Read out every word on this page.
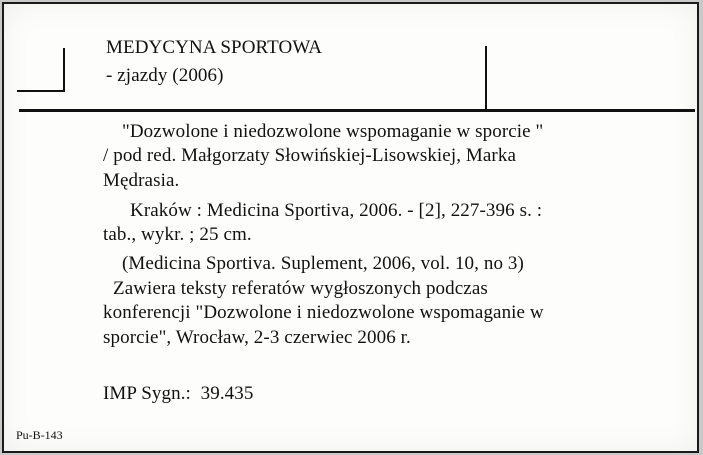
MEDYCYNA SPORTOWA
- zjazdy (2006)
"Dozwolone i niedozwolone wspomaganie w sporcie "
/ pod red. Małgorzaty Słowińskiej-Lisowskiej, Marka
Mędrasia.
Kraków : Medicina Sportiva, 2006. - [2], 227-396 s. :
tab., wykr. ; 25 cm.
(Medicina Sportiva. Suplement, 2006, vol. 10, no 3)
Zawiera teksty referatów wygłoszonych podczas
konferencji "Dozwolone i niedozwolone wspomaganie w
sporcie", Wrocław, 2-3 czerwiec 2006 r.
IMP Sygn.:  39.435
Pu-B-143
